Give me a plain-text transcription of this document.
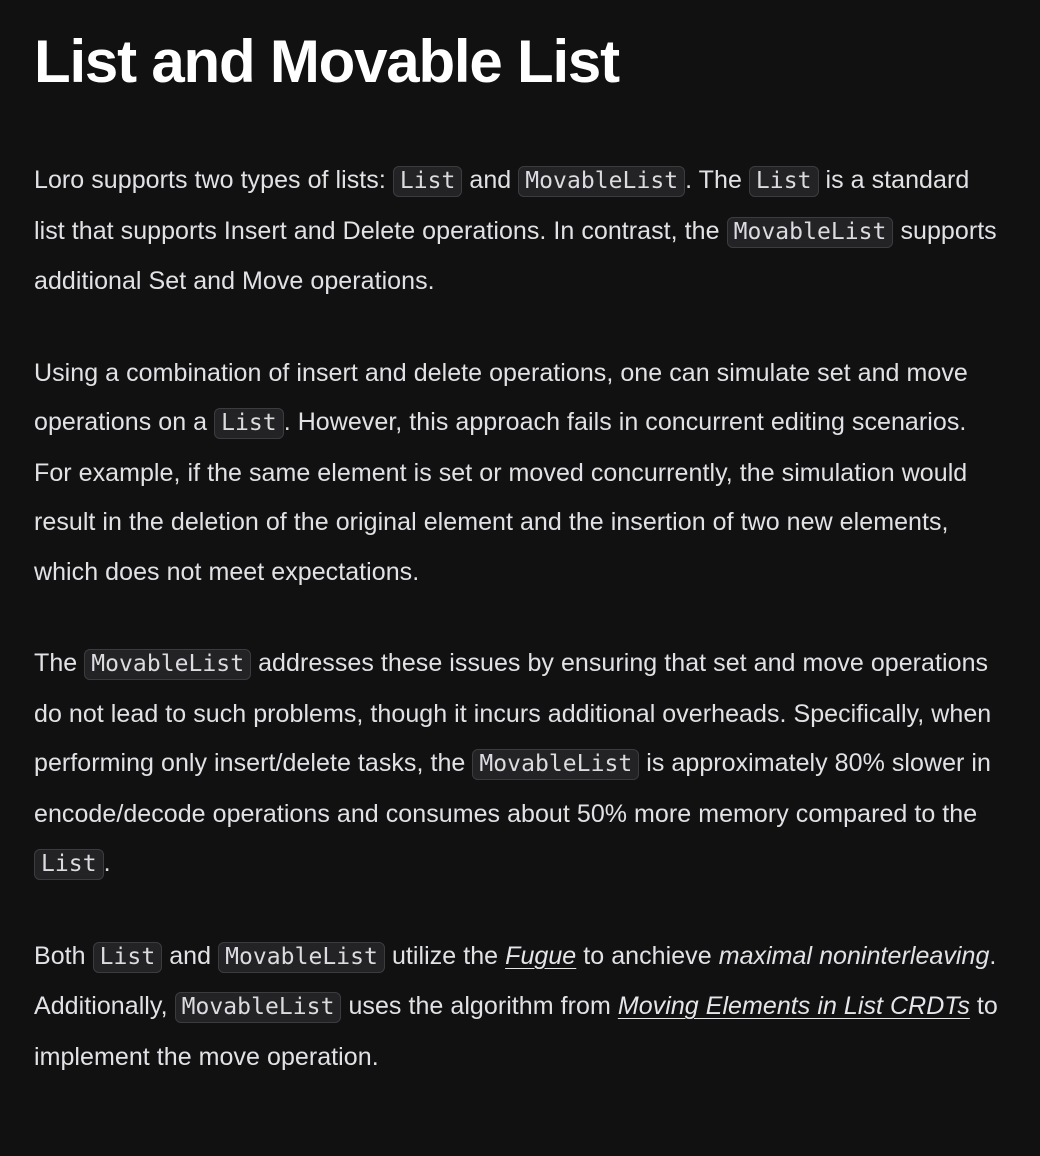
List and Movable List

Loro supports two types of lists: List and MovableList . The List is a standard list that supports Insert and Delete operations. In contrast, the MovableList supports additional Set and Move operations.

Using a combination of insert and delete operations, one can simulate set and move operations on a List . However, this approach fails in concurrent editing scenarios. For example, if the same element is set or moved concurrently, the simulation would result in the deletion of the original element and the insertion of two new elements, which does not meet expectations.

The MovableList addresses these issues by ensuring that set and move operations do not lead to such problems, though it incurs additional overheads. Specifically, when performing only insert/delete tasks, the MovableList is approximately 80% slower in encode/decode operations and consumes about 50% more memory compared to the List .

Both List and MovableList utilize the Fugue to anchieve maximal noninterleaving. Additionally, MovableList uses the algorithm from Moving Elements in List CRDTs to implement the move operation.
